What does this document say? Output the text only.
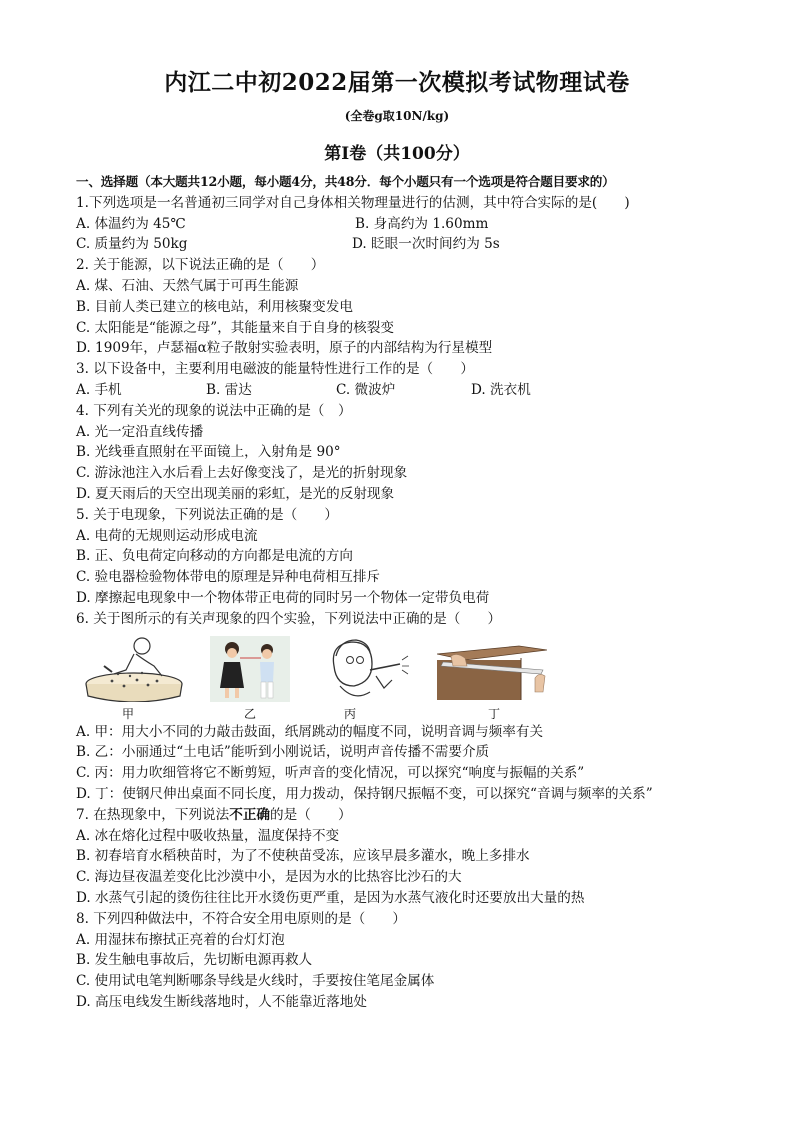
内江二中初2022届第一次模拟考试物理试卷
(全卷g取10N/kg)
第I卷（共100分）
一、选择题（本大题共12小题，每小题4分，共48分．每个小题只有一个选项是符合题目要求的）
1.下列选项是一名普通初三同学对自己身体相关物理量进行的估测，其中符合实际的是(　　)
A. 体温约为 45℃	B. 身高约为 1.60mm
C. 质量约为 50kg	D. 眨眼一次时间约为 5s
2. 关于能源，以下说法正确的是（　　）
A. 煤、石油、天然气属于可再生能源
B. 目前人类已建立的核电站，利用核聚变发电
C. 太阳能是“能源之母”，其能量来自于自身的核裂变
D. 1909年，卢瑟福α粒子散射实验表明，原子的内部结构为行星模型
3. 以下设备中，主要利用电磁波的能量特性进行工作的是（　　）
A. 手机	B. 雷达	C. 微波炉	D. 洗衣机
4. 下列有关光的现象的说法中正确的是（　）
A. 光一定沿直线传播
B. 光线垂直照射在平面镜上，入射角是 90°
C. 游泳池注入水后看上去好像变浅了，是光的折射现象
D. 夏天雨后的天空出现美丽的彩虹，是光的反射现象
5. 关于电现象，下列说法正确的是（　　）
A. 电荷的无规则运动形成电流
B. 正、负电荷定向移动的方向都是电流的方向
C. 验电器检验物体带电的原理是异种电荷相互排斥
D. 摩擦起电现象中一个物体带正电荷的同时另一个物体一定带负电荷
6. 关于图所示的有关声现象的四个实验，下列说法中正确的是（　　）
甲	乙	丙	丁
A. 甲：用大小不同的力敲击鼓面，纸屑跳动的幅度不同，说明音调与频率有关
B. 乙：小丽通过“土电话”能听到小刚说话，说明声音传播不需要介质
C. 丙：用力吹细管将它不断剪短，听声音的变化情况，可以探究“响度与振幅的关系”
D. 丁：使钢尺伸出桌面不同长度，用力拨动，保持钢尺振幅不变，可以探究“音调与频率的关系”
7. 在热现象中，下列说法不正确的是（　　）
A. 冰在熔化过程中吸收热量，温度保持不变
B. 初春培育水稻秧苗时，为了不使秧苗受冻，应该早晨多灌水，晚上多排水
C. 海边昼夜温差变化比沙漠中小，是因为水的比热容比沙石的大
D. 水蒸气引起的烫伤往往比开水烫伤更严重，是因为水蒸气液化时还要放出大量的热
8. 下列四种做法中，不符合安全用电原则的是（　　）
A. 用湿抹布擦拭正亮着的台灯灯泡
B. 发生触电事故后，先切断电源再救人
C. 使用试电笔判断哪条导线是火线时，手要按住笔尾金属体
D. 高压电线发生断线落地时，人不能靠近落地处
